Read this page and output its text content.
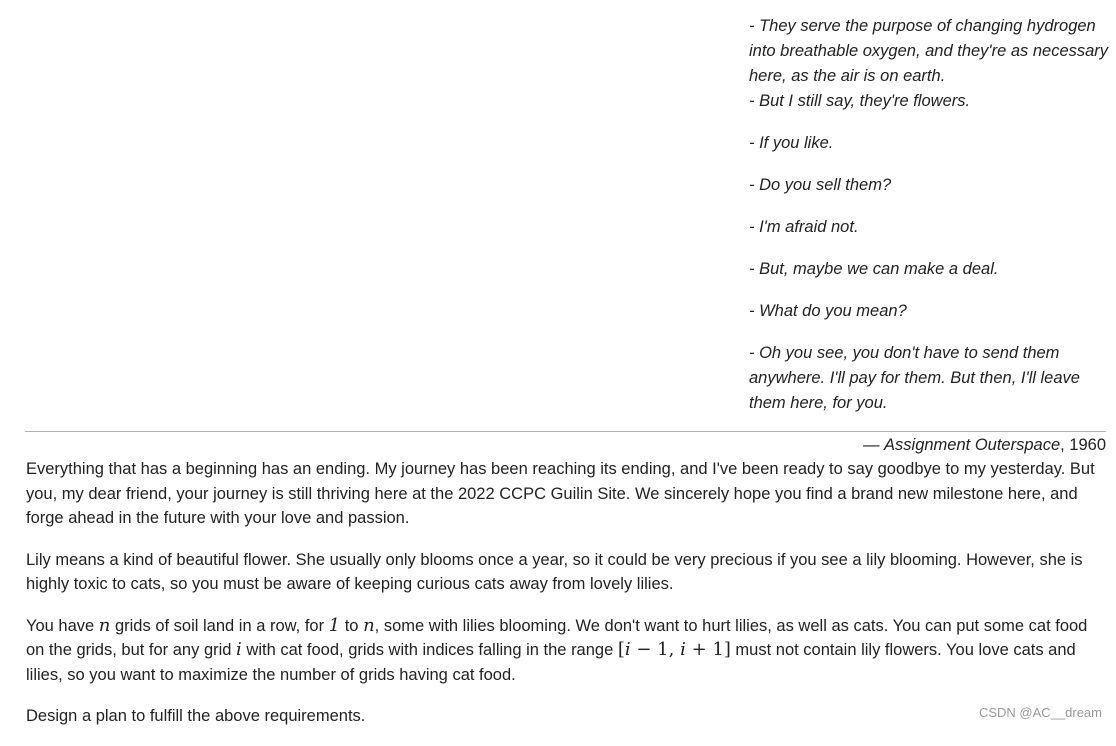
- They serve the purpose of changing hydrogen into breathable oxygen, and they're as necessary here, as the air is on earth.

- But I still say, they're flowers.

- If you like.

- Do you sell them?

- I'm afraid not.

- But, maybe we can make a deal.

- What do you mean?

- Oh you see, you don't have to send them anywhere. I'll pay for them. But then, I'll leave them here, for you.

— Assignment Outerspace, 1960

Everything that has a beginning has an ending. My journey has been reaching its ending, and I've been ready to say goodbye to my yesterday. But you, my dear friend, your journey is still thriving here at the 2022 CCPC Guilin Site. We sincerely hope you find a brand new milestone here, and forge ahead in the future with your love and passion.

Lily means a kind of beautiful flower. She usually only blooms once a year, so it could be very precious if you see a lily blooming. However, she is highly toxic to cats, so you must be aware of keeping curious cats away from lovely lilies.

You have n grids of soil land in a row, for 1 to n, some with lilies blooming. We don't want to hurt lilies, as well as cats. You can put some cat food on the grids, but for any grid i with cat food, grids with indices falling in the range [i − 1, i + 1] must not contain lily flowers. You love cats and lilies, so you want to maximize the number of grids having cat food.

Design a plan to fulfill the above requirements.	CSDN @AC__dream
